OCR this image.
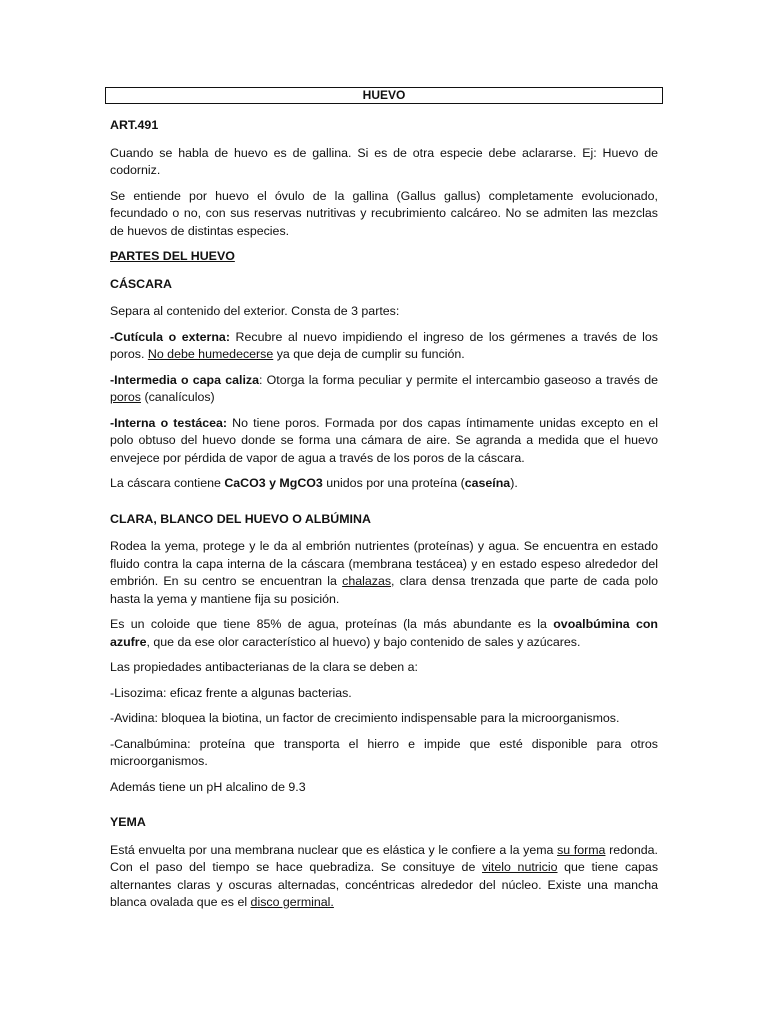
HUEVO

ART.491

Cuando se habla de huevo es de gallina. Si es de otra especie debe aclararse. Ej: Huevo de codorniz.

Se entiende por huevo el óvulo de la gallina (Gallus gallus) completamente evolucionado, fecundado o no, con sus reservas nutritivas y recubrimiento calcáreo. No se admiten las mezclas de huevos de distintas especies.

PARTES DEL HUEVO

CÁSCARA

Separa al contenido del exterior. Consta de 3 partes:

-Cutícula o externa: Recubre al nuevo impidiendo el ingreso de los gérmenes a través de los poros. No debe humedecerse ya que deja de cumplir su función.

-Intermedia o capa caliza: Otorga la forma peculiar y permite el intercambio gaseoso a través de poros (canalículos)

-Interna o testácea: No tiene poros. Formada por dos capas íntimamente unidas excepto en el polo obtuso del huevo donde se forma una cámara de aire. Se agranda a medida que el huevo envejece por pérdida de vapor de agua a través de los poros de la cáscara.

La cáscara contiene CaCO3 y MgCO3 unidos por una proteína (caseína).

CLARA, BLANCO DEL HUEVO O ALBÚMINA

Rodea la yema, protege y le da al embrión nutrientes (proteínas) y agua. Se encuentra en estado fluido contra la capa interna de la cáscara (membrana testácea) y en estado espeso alrededor del embrión. En su centro se encuentran la chalazas, clara densa trenzada que parte de cada polo hasta la yema y mantiene fija su posición.

Es un coloide que tiene 85% de agua, proteínas (la más abundante es la ovoalbúmina con azufre, que da ese olor característico al huevo) y bajo contenido de sales y azúcares.

Las propiedades antibacterianas de la clara se deben a:

-Lisozima: eficaz frente a algunas bacterias.

-Avidina: bloquea la biotina, un factor de crecimiento indispensable para la microorganismos.

-Canalbúmina: proteína que transporta el hierro e impide que esté disponible para otros microorganismos.

Además tiene un pH alcalino de 9.3

YEMA

Está envuelta por una membrana nuclear que es elástica y le confiere a la yema su forma redonda. Con el paso del tiempo se hace quebradiza. Se consituye de vitelo nutricio que tiene capas alternantes claras y oscuras alternadas, concéntricas alrededor del núcleo. Existe una mancha blanca ovalada que es el disco germinal.
